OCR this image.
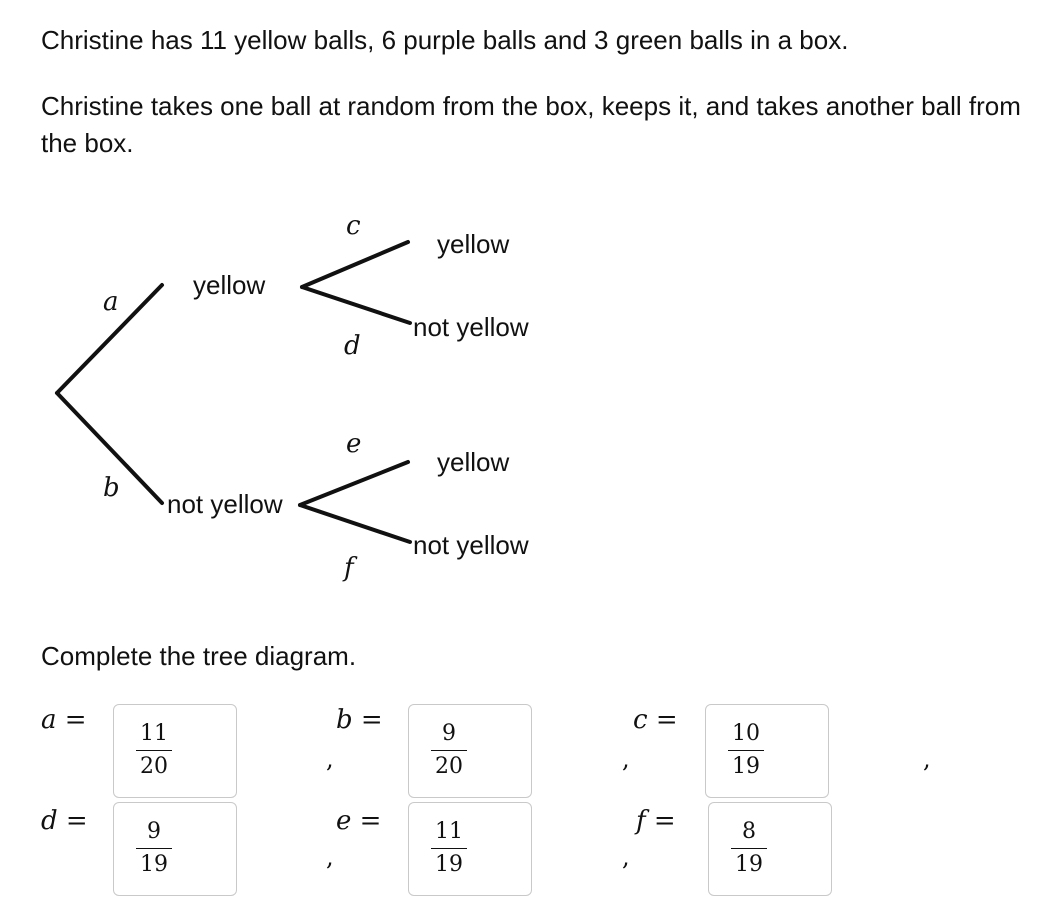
Christine has 11 yellow balls, 6 purple balls and 3 green balls in a box.

Christine takes one ball at random from the box, keeps it, and takes another ball from the box.

yellow
not yellow
yellow
not yellow
yellow
not yellow
a
b
c
d
e
f

Complete the tree diagram.

a =
$\frac{11}{20}$	,
b =
$\frac{9}{20}$	,
c =
$\frac{10}{19}$	,
$d = \frac{9}{19}$	,
$e = \frac{11}{19}$	,
f =	$\frac{8}{19}$
